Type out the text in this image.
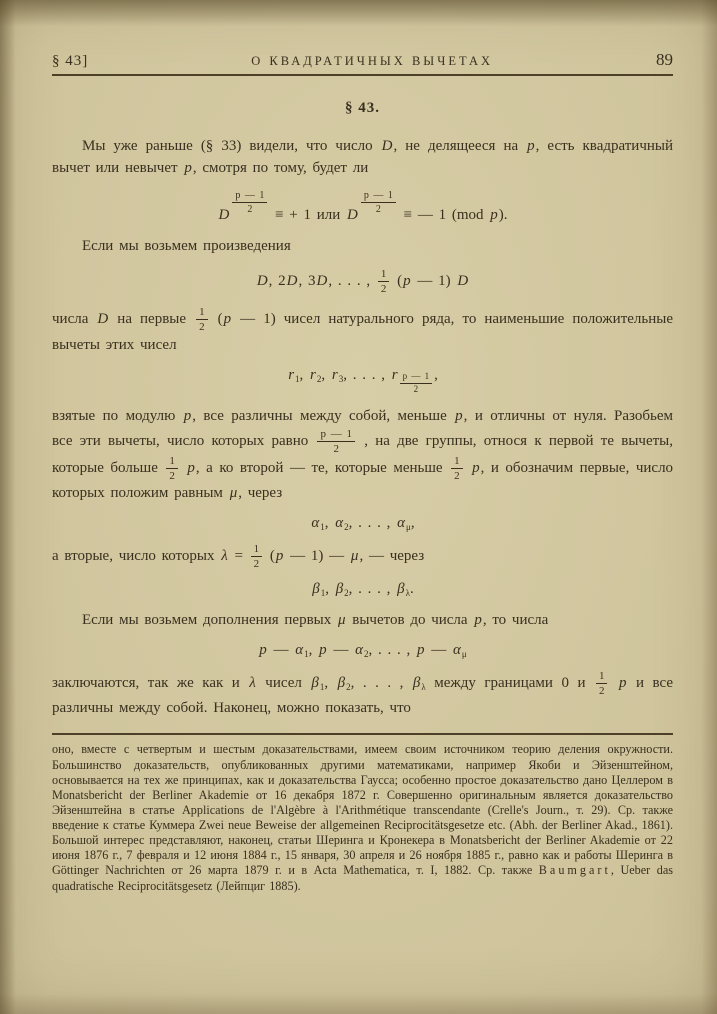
§ 43]	О КВАДРАТИЧНЫХ ВЫЧЕТАХ	89
§ 43.

Мы уже раньше (§ 33) видели, что число D, не делящееся на p, есть квадратичный вычет или невычет p, смотря по тому, будет ли

D $\frac{p — 1}{2}$ ≡ + 1 или D $\frac{p — 1}{2}$ ≡ — 1 (mod p).

Если мы возьмем произведения

D, 2D, 3D, . . . , $\frac{1}{2} (p$ — 1) D

числа D на первые $\frac{1}{2} (p$ — 1) чисел натурального ряда, то наименьшие положительные вычеты этих чисел

$r_1$, $r_2$, $r_3$, . . . , r $\frac{p — 1}{2}$ ,

взятые по модулю p, все различны между собой, меньше p, и отличны от нуля. Разобьем все эти вычеты, число которых равно $\frac{p — 1}{2}$ , на две группы, относя к первой те вычеты, которые больше $\frac{1}{2} p$, а ко второй — те, которые меньше $\frac{1}{2} p$, и обозначим первые, число которых положим равным μ, через

$\alpha_1$, $\alpha_2$, . . . , $\alpha_\mu$,

а вторые, число которых $\lambda = \frac{1}{2} (p$ — 1) — μ, — через

$\beta_1$, $\beta_2$, . . . , $\beta_\lambda$.

Если мы возьмем дополнения первых μ вычетов до числа p, то числа

p — $\alpha_1$, p — $\alpha_2$, . . . , p — $\alpha_\mu$

заключаются, так же как и λ чисел $\beta_1$, $\beta_2$, . . . , $\beta_\lambda$ между границами 0 и $\frac{1}{2}$ p и все различны между собой. Наконец, можно показать, что

оно, вместе с четвертым и шестым доказательствами, имеем своим источником теорию деления окружности. Большинство доказательств, опубликованных другими математиками, например Якоби и Эйзенштейном, основывается на тех же принципах, как и доказательства Гаусса; особенно простое доказательство дано Целлером в Monatsbericht der Berliner Akademie от 16 декабря 1872 г. Совершенно оригинальным является доказательство Эйзенштейна в статье Applications de l'Algèbre à l'Arithmétique transcendante (Crelle's Journ., т. 29). Ср. также введение к статье Куммера Zwei neue Beweise der allgemeinen Reciprocitätsgesetze etc. (Abh. der Berliner Akad., 1861). Большой интерес представляют, наконец, статьи Шеринга и Кронекера в Monatsbericht der Berliner Akademie от 22 июня 1876 г., 7 февраля и 12 июня 1884 г., 15 января, 30 апреля и 26 ноября 1885 г., равно как и работы Шеринга в Göttinger Nachrichten от 26 марта 1879 г. и в Acta Mathematica, т. I, 1882. Ср. также Baumgart, Ueber das quadratische Reciprocitätsgesetz (Лейпциг 1885).
